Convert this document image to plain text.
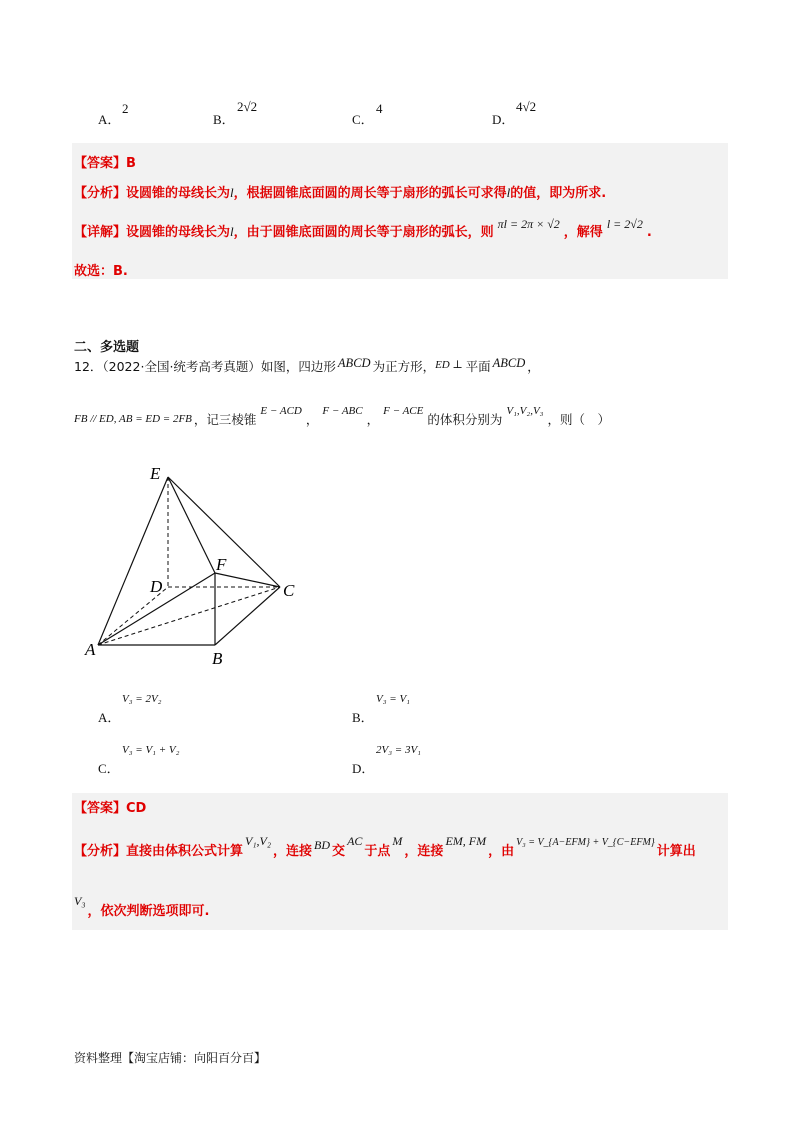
A．
2
B．
2√2
C．
4
D．
4√2
【答案】B
【分析】设圆锥的母线长为l，根据圆锥底面圆的周长等于扇形的弧长可求得l的值，即为所求.
【详解】设圆锥的母线长为l，由于圆锥底面圆的周长等于扇形的弧长，则πl = 2π × √2，解得l = 2√2.
故选：B.
二、多选题
12．（2022·全国·统考高考真题）如图，四边形 ABCD 为正方形，ED ⊥ 平面 ABCD ，
FB // ED, AB = ED = 2FB ，记三棱锥E − ACD，F − ABC，F − ACE的体积分别为V₁,V₂,V₃，则（　）
E
D
F
C
A	B
A．
V₃ = 2V₂
B．
V₃ = V₁
C．
V₃ = V₁ + V₂
D．
2V₃ = 3V₁
【答案】CD
【分析】直接由体积公式计算V₁,V₂，连接 BD 交AC于点M，连接EM, FM，由$^{V_3 = V\_\{A-EFM\} + V\_\{C-EFM\}}$计算出
V₃，依次判断选项即可.
资料整理【淘宝店铺：向阳百分百】
